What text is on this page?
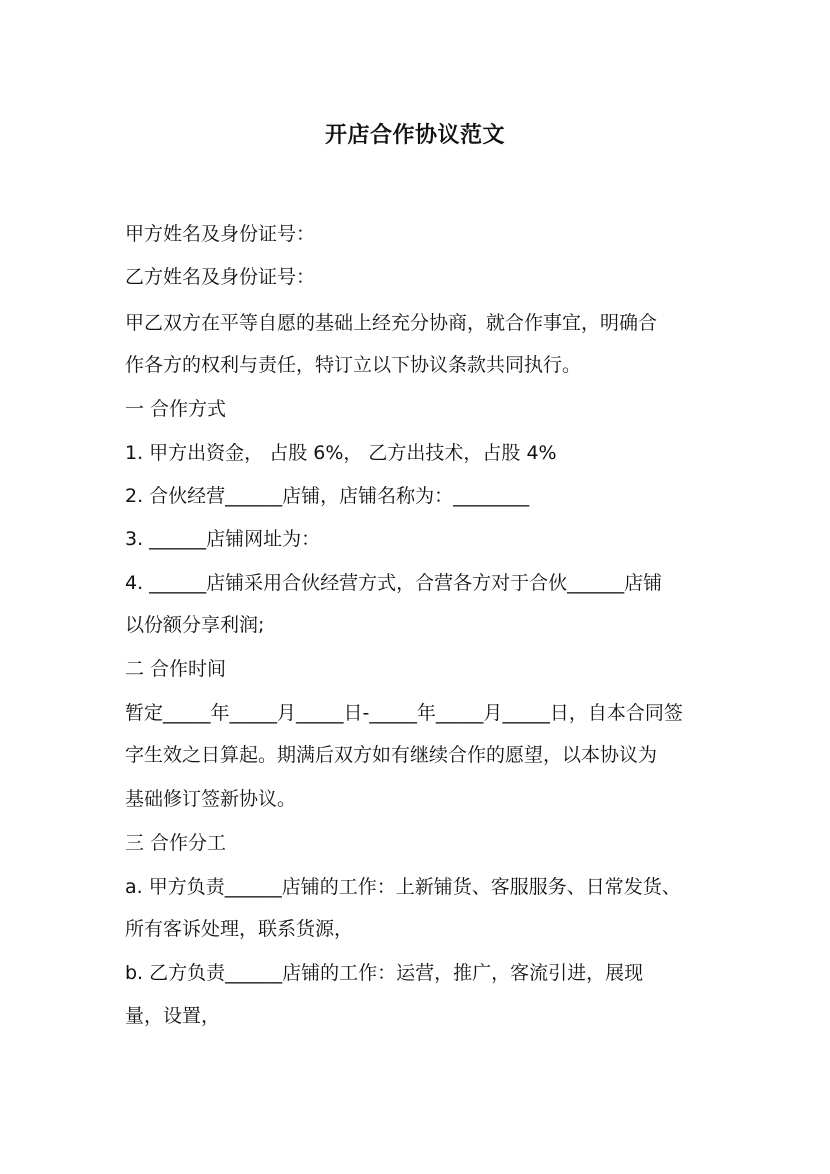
​
开店合作协议范文
甲方姓名及身份证号：
乙方姓名及身份证号：
甲乙双方在平等自愿的基础上经充分协商，就合作事宜，明确合
作各方的权利与责任，特订立以下协议条款共同执行。
一 合作方式
1. 甲方出资金， 占股 6%， 乙方出技术，占股 4%
2. 合伙经营______店铺，店铺名称为：________
3. ______店铺网址为：
4. ______店铺采用合伙经营方式，合营各方对于合伙______店铺
以份额分享利润;
二 合作时间
暂定_____年_____月_____日-_____年_____月_____日，自本合同签
字生效之日算起。期满后双方如有继续合作的愿望，以本协议为
基础修订签新协议。
三 合作分工
a. 甲方负责______店铺的工作：上新铺货、客服服务、日常发货、
所有客诉处理，联系货源，
b. 乙方负责______店铺的工作：运营，推广，客流引进，展现
量，设置，
